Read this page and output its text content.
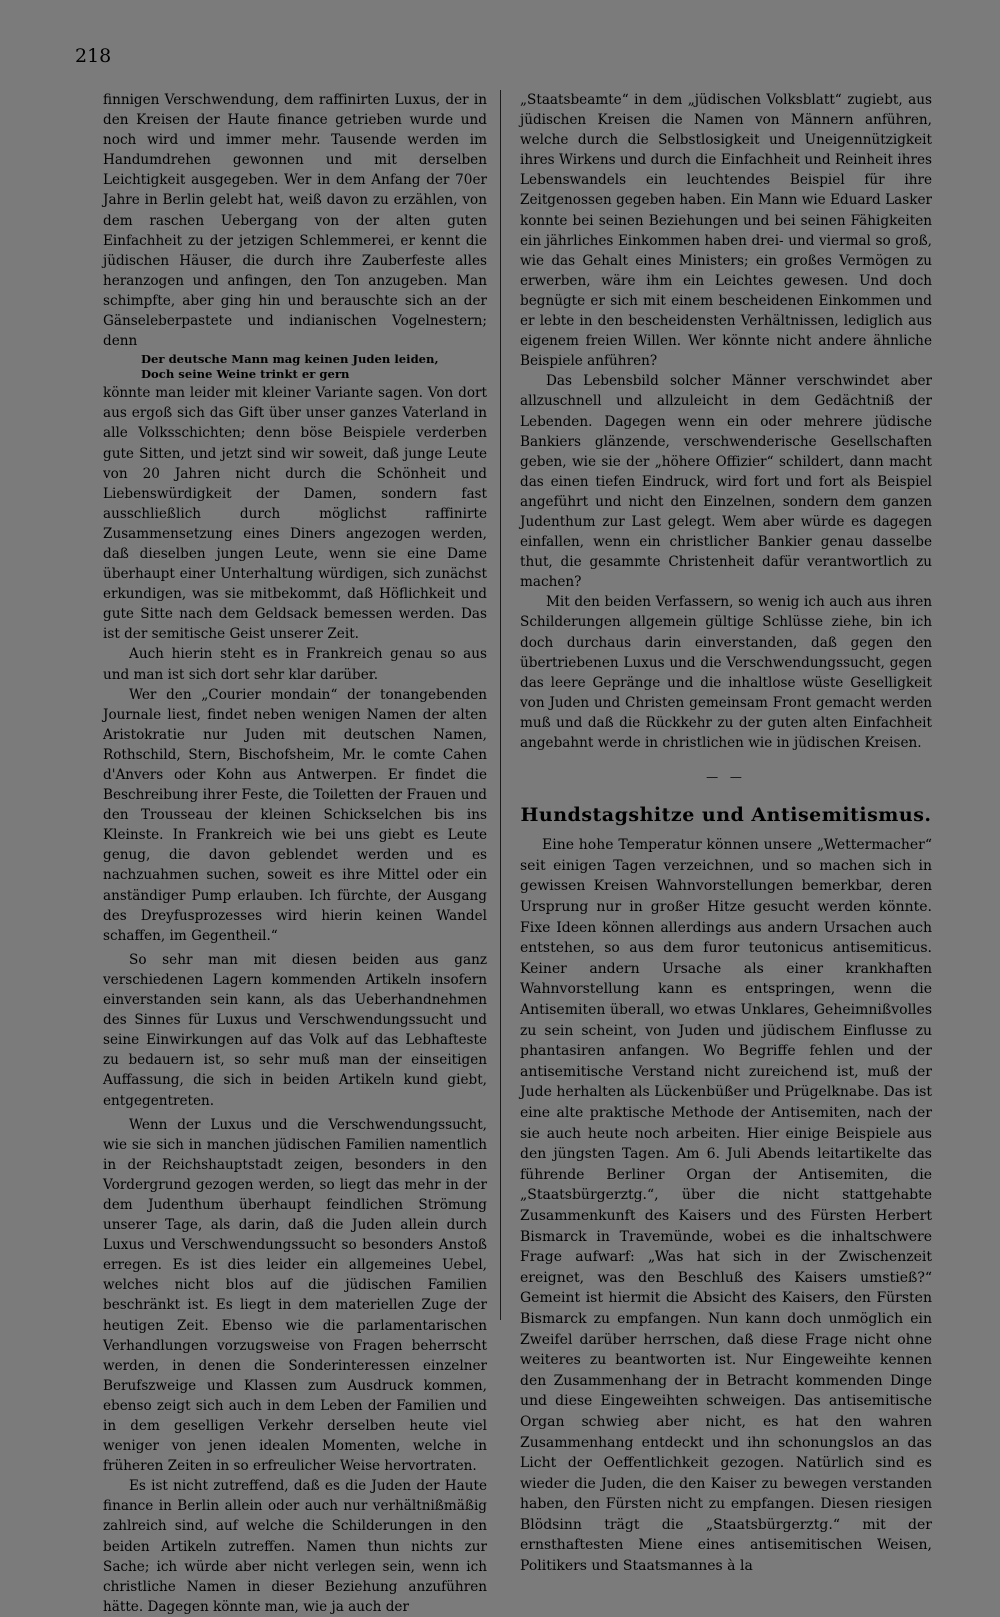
218

finnigen Verschwendung, dem raffinirten Luxus, der in den Kreisen der Haute finance getrieben wurde und noch wird und immer mehr. Tausende werden im Handumdrehen gewonnen und mit derselben Leichtigkeit ausgegeben. Wer in dem Anfang der 70er Jahre in Berlin gelebt hat, weiß davon zu erzählen, von dem raschen Uebergang von der alten guten Einfachheit zu der jetzigen Schlemmerei, er kennt die jüdischen Häuser, die durch ihre Zauberfeste alles heranzogen und anfingen, den Ton anzugeben. Man schimpfte, aber ging hin und berauschte sich an der Gänseleberpastete und indianischen Vogelnestern; denn

Der deutsche Mann mag keinen Juden leiden,
Doch seine Weine trinkt er gern

könnte man leider mit kleiner Variante sagen. Von dort aus ergoß sich das Gift über unser ganzes Vaterland in alle Volksschichten; denn böse Beispiele verderben gute Sitten, und jetzt sind wir soweit, daß junge Leute von 20 Jahren nicht durch die Schönheit und Liebenswürdigkeit der Damen, sondern fast ausschließlich durch möglichst raffinirte Zusammensetzung eines Diners angezogen werden, daß dieselben jungen Leute, wenn sie eine Dame überhaupt einer Unterhaltung würdigen, sich zunächst erkundigen, was sie mitbekommt, daß Höflichkeit und gute Sitte nach dem Geldsack bemessen werden. Das ist der semitische Geist unserer Zeit.

Auch hierin steht es in Frankreich genau so aus und man ist sich dort sehr klar darüber.

Wer den „Courier mondain“ der tonangebenden Journale liest, findet neben wenigen Namen der alten Aristokratie nur Juden mit deutschen Namen, Rothschild, Stern, Bischofsheim, Mr. le comte Cahen d'Anvers oder Kohn aus Antwerpen. Er findet die Beschreibung ihrer Feste, die Toiletten der Frauen und den Trousseau der kleinen Schickselchen bis ins Kleinste. In Frankreich wie bei uns giebt es Leute genug, die davon geblendet werden und es nachzuahmen suchen, soweit es ihre Mittel oder ein anständiger Pump erlauben. Ich fürchte, der Ausgang des Dreyfusprozesses wird hierin keinen Wandel schaffen, im Gegentheil.“

So sehr man mit diesen beiden aus ganz verschiedenen Lagern kommenden Artikeln insofern einverstanden sein kann, als das Ueberhandnehmen des Sinnes für Luxus und Verschwendungssucht und seine Einwirkungen auf das Volk auf das Lebhafteste zu bedauern ist, so sehr muß man der einseitigen Auffassung, die sich in beiden Artikeln kund giebt, entgegentreten.

Wenn der Luxus und die Verschwendungssucht, wie sie sich in manchen jüdischen Familien namentlich in der Reichshauptstadt zeigen, besonders in den Vordergrund gezogen werden, so liegt das mehr in der dem Judenthum überhaupt feindlichen Strömung unserer Tage, als darin, daß die Juden allein durch Luxus und Verschwendungssucht so besonders Anstoß erregen. Es ist dies leider ein allgemeines Uebel, welches nicht blos auf die jüdischen Familien beschränkt ist. Es liegt in dem materiellen Zuge der heutigen Zeit. Ebenso wie die parlamentarischen Verhandlungen vorzugsweise von Fragen beherrscht werden, in denen die Sonderinteressen einzelner Berufszweige und Klassen zum Ausdruck kommen, ebenso zeigt sich auch in dem Leben der Familien und in dem geselligen Verkehr derselben heute viel weniger von jenen idealen Momenten, welche in früheren Zeiten in so erfreulicher Weise hervortraten.

Es ist nicht zutreffend, daß es die Juden der Haute finance in Berlin allein oder auch nur verhältnißmäßig zahlreich sind, auf welche die Schilderungen in den beiden Artikeln zutreffen. Namen thun nichts zur Sache; ich würde aber nicht verlegen sein, wenn ich christliche Namen in dieser Beziehung anzuführen hätte. Dagegen könnte man, wie ja auch der

„Staatsbeamte“ in dem „jüdischen Volksblatt“ zugiebt, aus jüdischen Kreisen die Namen von Männern anführen, welche durch die Selbstlosigkeit und Uneigennützigkeit ihres Wirkens und durch die Einfachheit und Reinheit ihres Lebenswandels ein leuchtendes Beispiel für ihre Zeitgenossen gegeben haben. Ein Mann wie Eduard Lasker konnte bei seinen Beziehungen und bei seinen Fähigkeiten ein jährliches Einkommen haben drei- und viermal so groß, wie das Gehalt eines Ministers; ein großes Vermögen zu erwerben, wäre ihm ein Leichtes gewesen. Und doch begnügte er sich mit einem bescheidenen Einkommen und er lebte in den bescheidensten Verhältnissen, lediglich aus eigenem freien Willen. Wer könnte nicht andere ähnliche Beispiele anführen?

Das Lebensbild solcher Männer verschwindet aber allzuschnell und allzuleicht in dem Gedächtniß der Lebenden. Dagegen wenn ein oder mehrere jüdische Bankiers glänzende, verschwenderische Gesellschaften geben, wie sie der „höhere Offizier“ schildert, dann macht das einen tiefen Eindruck, wird fort und fort als Beispiel angeführt und nicht den Einzelnen, sondern dem ganzen Judenthum zur Last gelegt. Wem aber würde es dagegen einfallen, wenn ein christlicher Bankier genau dasselbe thut, die gesammte Christenheit dafür verantwortlich zu machen?

Mit den beiden Verfassern, so wenig ich auch aus ihren Schilderungen allgemein gültige Schlüsse ziehe, bin ich doch durchaus darin einverstanden, daß gegen den übertriebenen Luxus und die Verschwendungssucht, gegen das leere Gepränge und die inhaltlose wüste Geselligkeit von Juden und Christen gemeinsam Front gemacht werden muß und daß die Rückkehr zu der guten alten Einfachheit angebahnt werde in christlichen wie in jüdischen Kreisen.

— —
Hundstagshitze und Antisemitismus.

Eine hohe Temperatur können unsere „Wettermacher“ seit einigen Tagen verzeichnen, und so machen sich in gewissen Kreisen Wahnvorstellungen bemerkbar, deren Ursprung nur in großer Hitze gesucht werden könnte. Fixe Ideen können allerdings aus andern Ursachen auch entstehen, so aus dem furor teutonicus antisemiticus. Keiner andern Ursache als einer krankhaften Wahnvorstellung kann es entspringen, wenn die Antisemiten überall, wo etwas Unklares, Geheimnißvolles zu sein scheint, von Juden und jüdischem Einflusse zu phantasiren anfangen. Wo Begriffe fehlen und der antisemitische Verstand nicht zureichend ist, muß der Jude herhalten als Lückenbüßer und Prügelknabe. Das ist eine alte praktische Methode der Antisemiten, nach der sie auch heute noch arbeiten. Hier einige Beispiele aus den jüngsten Tagen. Am 6. Juli Abends leitartikelte das führende Berliner Organ der Antisemiten, die „Staatsbürgerztg.“, über die nicht stattgehabte Zusammenkunft des Kaisers und des Fürsten Herbert Bismarck in Travemünde, wobei es die inhaltschwere Frage aufwarf: „Was hat sich in der Zwischenzeit ereignet, was den Beschluß des Kaisers umstieß?“ Gemeint ist hiermit die Absicht des Kaisers, den Fürsten Bismarck zu empfangen. Nun kann doch unmöglich ein Zweifel darüber herrschen, daß diese Frage nicht ohne weiteres zu beantworten ist. Nur Eingeweihte kennen den Zusammenhang der in Betracht kommenden Dinge und diese Eingeweihten schweigen. Das antisemitische Organ schwieg aber nicht, es hat den wahren Zusammenhang entdeckt und ihn schonungslos an das Licht der Oeffentlichkeit gezogen. Natürlich sind es wieder die Juden, die den Kaiser zu bewegen verstanden haben, den Fürsten nicht zu empfangen. Diesen riesigen Blödsinn trägt die „Staatsbürgerztg.“ mit der ernsthaftesten Miene eines antisemitischen Weisen, Politikers und Staatsmannes à la
